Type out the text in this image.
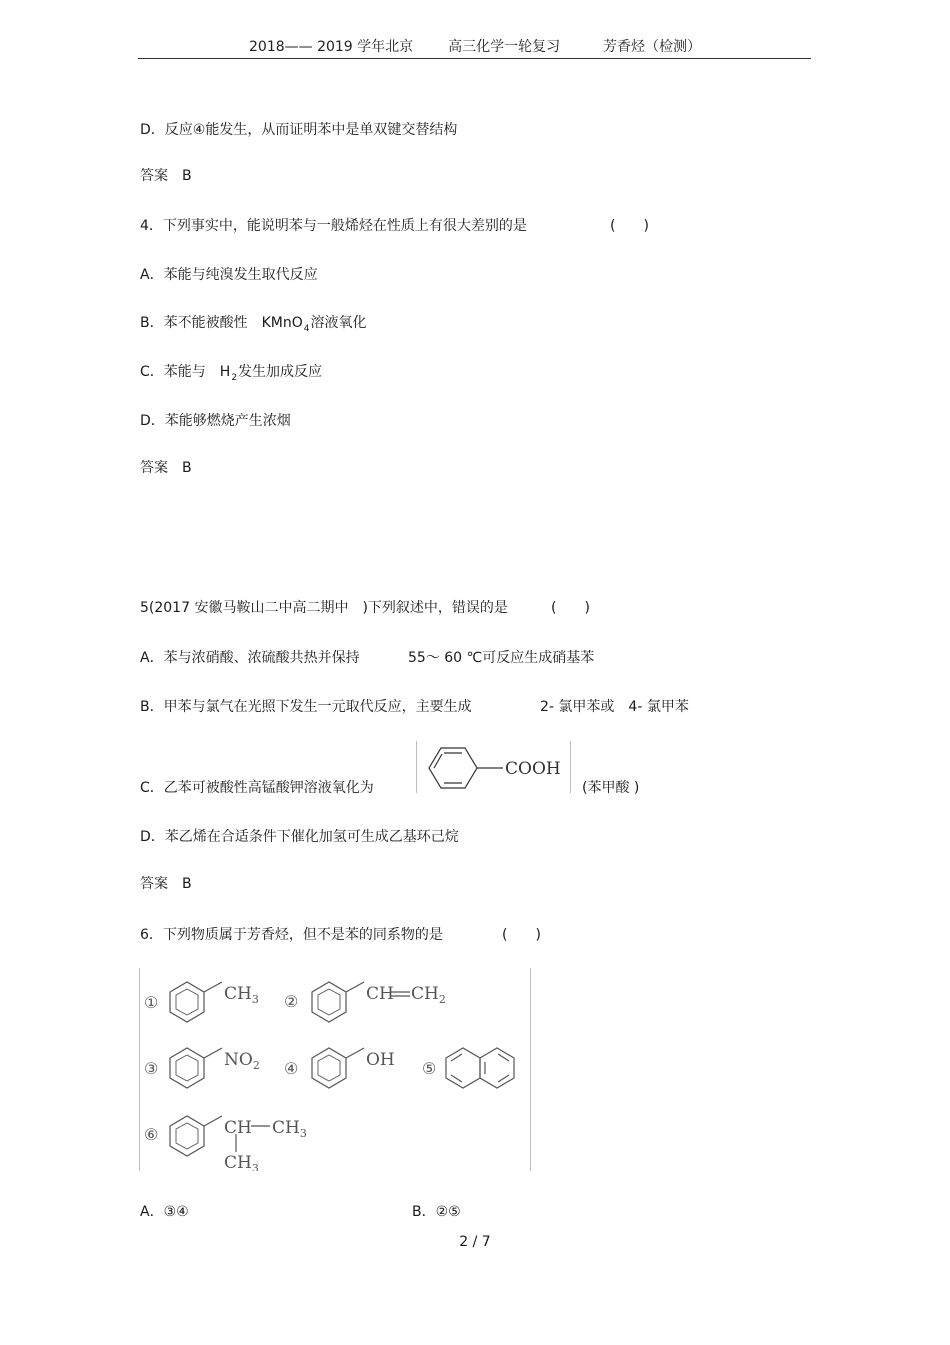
2018—— 2019 学年北京 高三化学一轮复习	芳香烃（检测）
D．反应④能发生，从而证明苯中是单双键交替结构
答案　B
4．下列事实中，能说明苯与一般烯烃在性质上有很大差别的是	(　　)
A．苯能与纯溴发生取代反应
B．苯不能被酸性　KMnO$_4$溶液氧化
C．苯能与　$H_2$发生加成反应
D．苯能够燃烧产生浓烟
答案　B
5(2017 安徽马鞍山二中高二期中　)下列叙述中，错误的是	(　　)
A．苯与浓硝酸、浓硫酸共热并保持	55～ 60 ℃可反应生成硝基苯
B．甲苯与氯气在光照下发生一元取代反应，主要生成	2- 氯甲苯或　4- 氯甲苯
C．乙苯可被酸性高锰酸钾溶液氧化为
COOH
(苯甲酸 )
D．苯乙烯在合适条件下催化加氢可生成乙基环己烷
答案　B
6．下列物质属于芳香烃，但不是苯的同系物的是	(　　)
①	②
③	④	⑤
⑥
$CH_3$	CH $CH_2$
$NO_2$	OH
CH $CH_3$
$CH_3$
A．③④	B．②⑤
2 / 7
